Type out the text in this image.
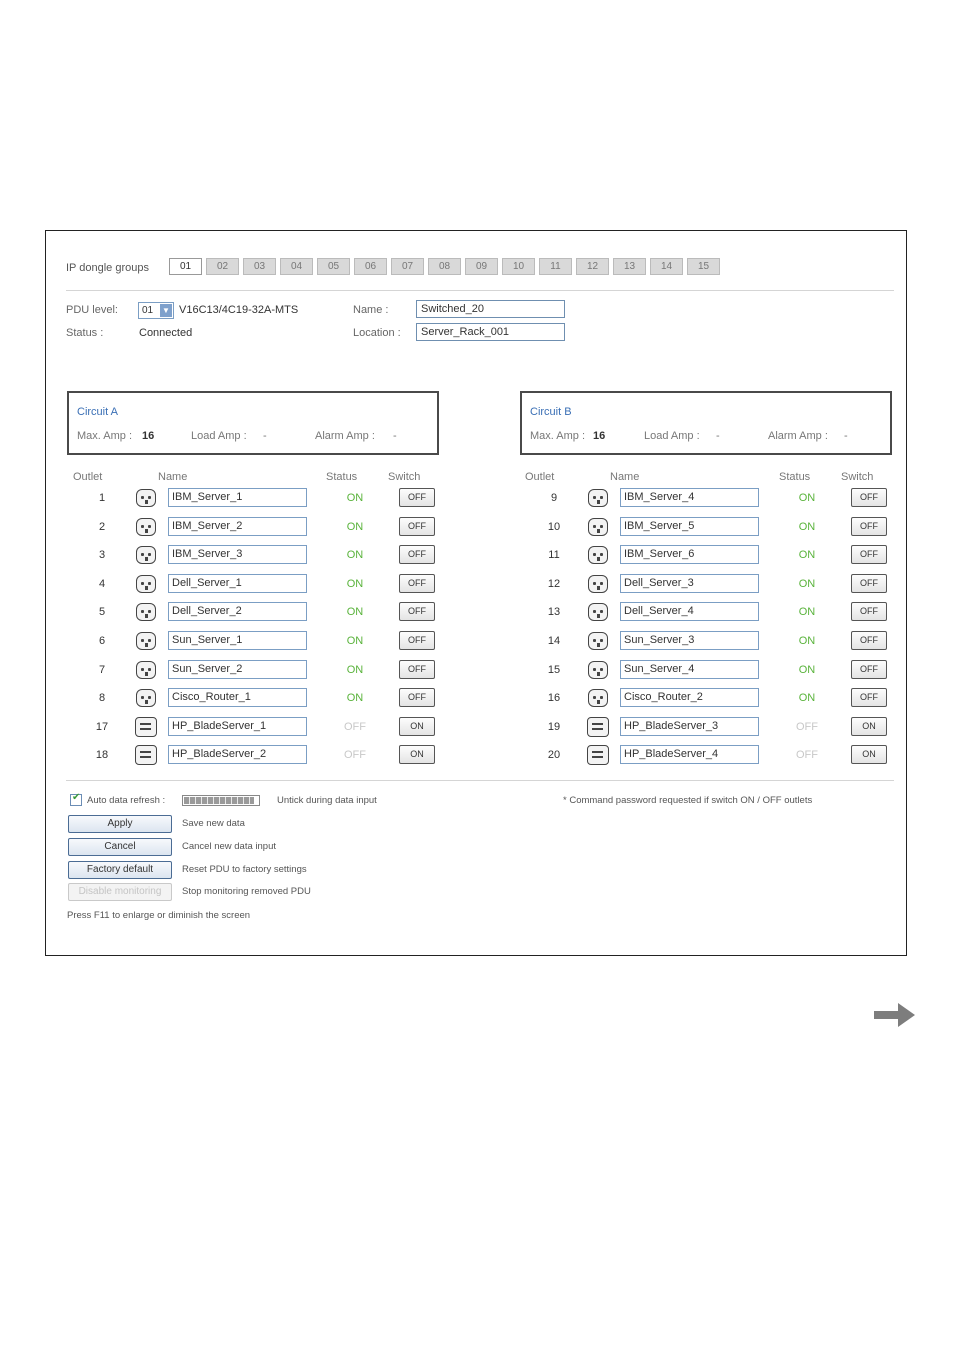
IP dongle groups	01	02	03	04	05	06	07	08	09	10	11	12	13	14	15
PDU level:	01 ▼ V16C13/4C19-32A-MTS
Status :	Connected
Name :	Switched_20
Location :	Server_Rack_001
Circuit A
Max. Amp : 16	Load Amp : -	Alarm Amp : -
Circuit B
Max. Amp : 16	Load Amp : -	Alarm Amp : -
Outlet	Name	Status	Switch	Outlet	Name	Status	Switch
1	IBM_Server_1	ON	OFF
2	IBM_Server_2	ON	OFF
3	IBM_Server_3	ON	OFF
4	Dell_Server_1	ON	OFF
5	Dell_Server_2	ON	OFF
6	Sun_Server_1	ON	OFF
7	Sun_Server_2	ON	OFF
8	Cisco_Router_1	ON	OFF
17	HP_BladeServer_1	OFF	ON
18	HP_BladeServer_2	OFF	ON
9	IBM_Server_4	ON	OFF
10	IBM_Server_5	ON	OFF
11	IBM_Server_6	ON	OFF
12	Dell_Server_3	ON	OFF
13	Dell_Server_4	ON	OFF
14	Sun_Server_3	ON	OFF
15	Sun_Server_4	ON	OFF
16	Cisco_Router_2	ON	OFF
19	HP_BladeServer_3	OFF	ON
20	HP_BladeServer_4	OFF	ON
✔
Auto data refresh :	Untick during data input	* Command password requested if switch ON / OFF outlets
Apply	Save new data
Cancel	Cancel new data input
Factory default	Reset PDU to factory settings
Disable monitoring	Stop monitoring removed PDU
Press F11 to enlarge or diminish the screen
